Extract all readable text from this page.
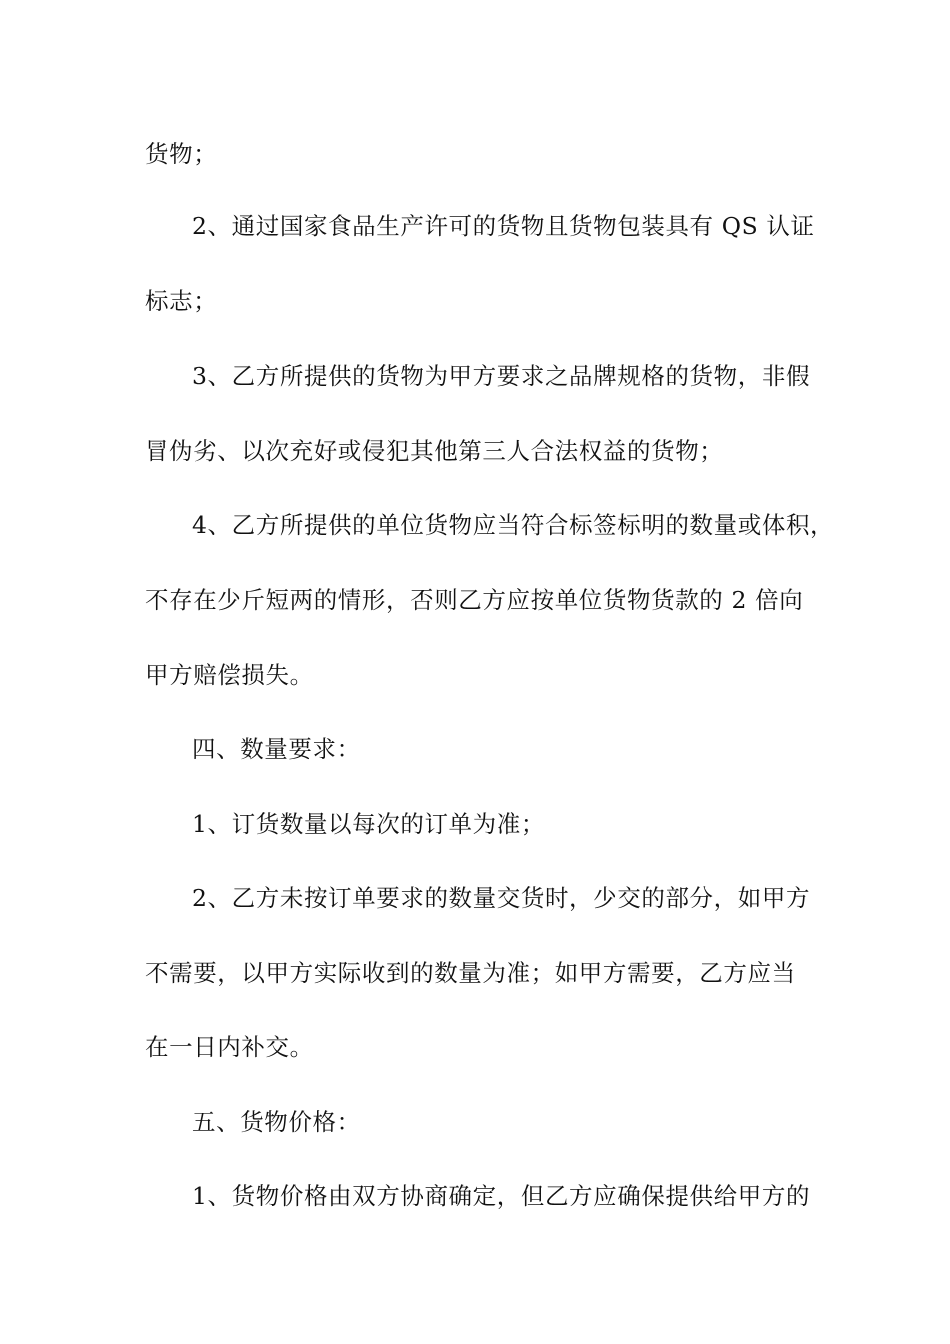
货物；
2、通过国家食品生产许可的货物且货物包装具有 QS 认证
标志；
3、乙方所提供的货物为甲方要求之品牌规格的货物，非假
冒伪劣、以次充好或侵犯其他第三人合法权益的货物；
4、乙方所提供的单位货物应当符合标签标明的数量或体积，
不存在少斤短两的情形，否则乙方应按单位货物货款的 2 倍向
甲方赔偿损失。
四、数量要求：
1、订货数量以每次的订单为准；
2、乙方未按订单要求的数量交货时，少交的部分，如甲方
不需要，以甲方实际收到的数量为准；如甲方需要，乙方应当
在一日内补交。
五、货物价格：
1、货物价格由双方协商确定，但乙方应确保提供给甲方的
